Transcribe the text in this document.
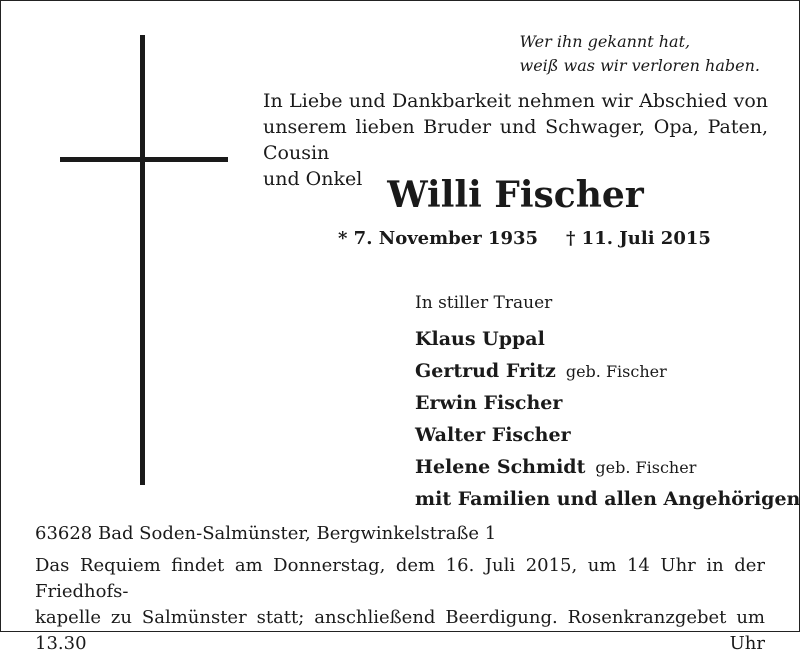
Wer ihn gekannt hat,
weiß was wir verloren haben.
In Liebe und Dankbarkeit nehmen wir Abschied von
unserem lieben Bruder und Schwager, Opa, Paten, Cousin
und Onkel Willi Fischer
* 7. November 1935 † 11. Juli 2015
In stiller Trauer
Klaus Uppal
Gertrud Fritz geb. Fischer
Erwin Fischer
Walter Fischer
Helene Schmidt geb. Fischer
mit Familien und allen Angehörigen
63628 Bad Soden-Salmünster, Bergwinkelstraße 1
Das Requiem findet am Donnerstag, dem 16. Juli 2015, um 14 Uhr in der Friedhofs-
kapelle zu Salmünster statt; anschließend Beerdigung. Rosenkranzgebet um 13.30 Uhr
